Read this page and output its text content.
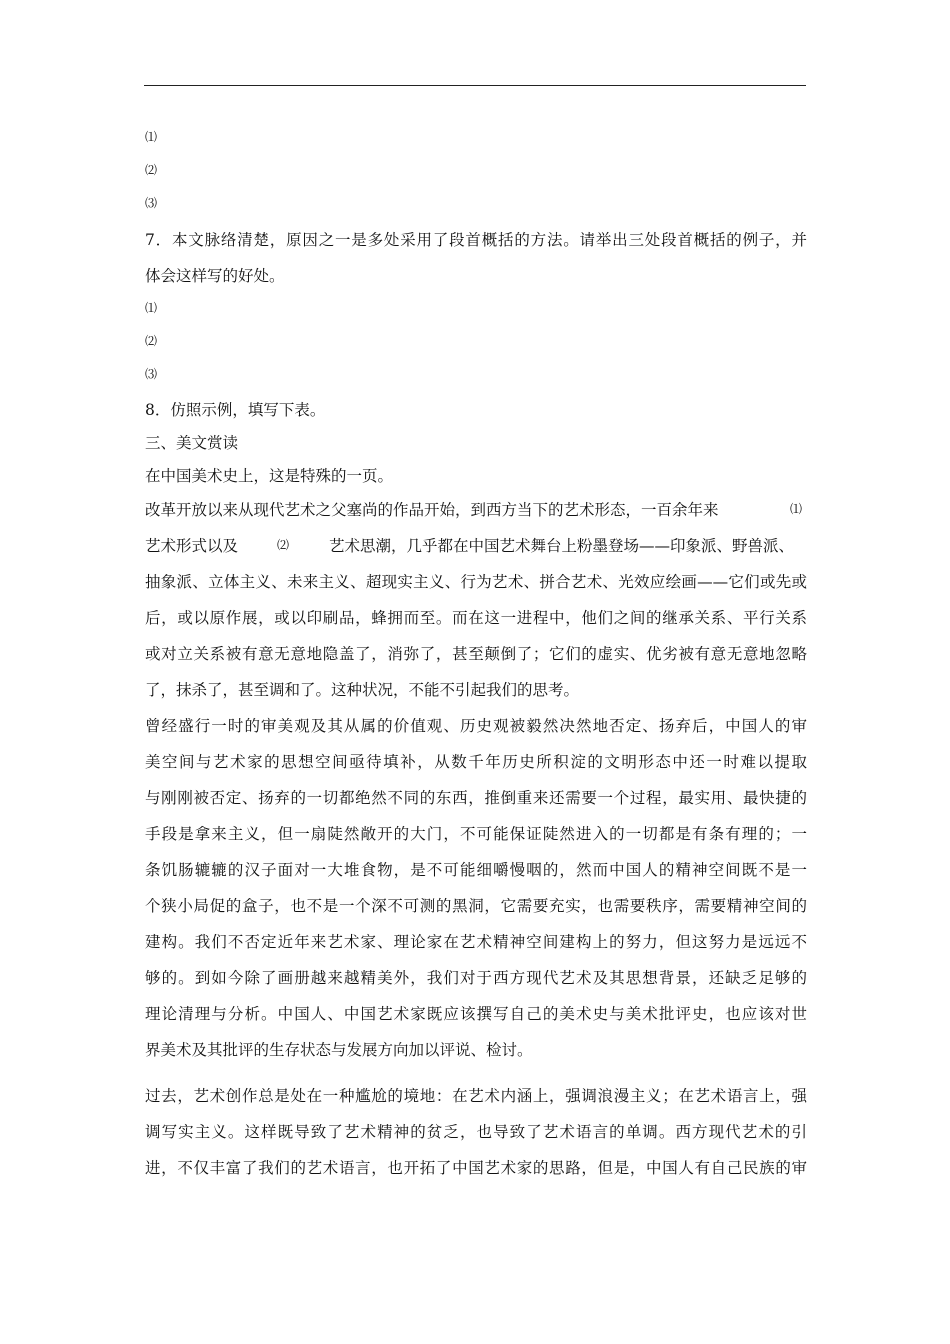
⑴
⑵
⑶
7．本文脉络清楚，原因之一是多处采用了段首概括的方法。请举出三处段首概括的例子，并
体会这样写的好处。
⑴
⑵
⑶
8．仿照示例，填写下表。
三、美文赏读
在中国美术史上，这是特殊的一页。
改革开放以来从现代艺术之父塞尚的作品开始，到西方当下的艺术形态，一百余年来	⑴
艺术形式以及	⑵	艺术思潮，几乎都在中国艺术舞台上粉墨登场——印象派、野兽派、
抽象派、立体主义、未来主义、超现实主义、行为艺术、拼合艺术、光效应绘画——它们或先或
后，或以原作展，或以印刷品，蜂拥而至。而在这一进程中，他们之间的继承关系、平行关系
或对立关系被有意无意地隐盖了，消弥了，甚至颠倒了；它们的虚实、优劣被有意无意地忽略
了，抹杀了，甚至调和了。这种状况，不能不引起我们的思考。
曾经盛行一时的审美观及其从属的价值观、历史观被毅然决然地否定、扬弃后，中国人的审
美空间与艺术家的思想空间亟待填补，从数千年历史所积淀的文明形态中还一时难以提取
与刚刚被否定、扬弃的一切都绝然不同的东西，推倒重来还需要一个过程，最实用、最快捷的
手段是拿来主义，但一扇陡然敞开的大门，不可能保证陡然进入的一切都是有条有理的；一
条饥肠辘辘的汉子面对一大堆食物，是不可能细嚼慢咽的，然而中国人的精神空间既不是一
个狭小局促的盒子，也不是一个深不可测的黑洞，它需要充实，也需要秩序，需要精神空间的
建构。我们不否定近年来艺术家、理论家在艺术精神空间建构上的努力，但这努力是远远不
够的。到如今除了画册越来越精美外，我们对于西方现代艺术及其思想背景，还缺乏足够的
理论清理与分析。中国人、中国艺术家既应该撰写自己的美术史与美术批评史，也应该对世
界美术及其批评的生存状态与发展方向加以评说、检讨。
过去，艺术创作总是处在一种尴尬的境地：在艺术内涵上，强调浪漫主义；在艺术语言上，强
调写实主义。这样既导致了艺术精神的贫乏，也导致了艺术语言的单调。西方现代艺术的引
进，不仅丰富了我们的艺术语言，也开拓了中国艺术家的思路，但是，中国人有自己民族的审
